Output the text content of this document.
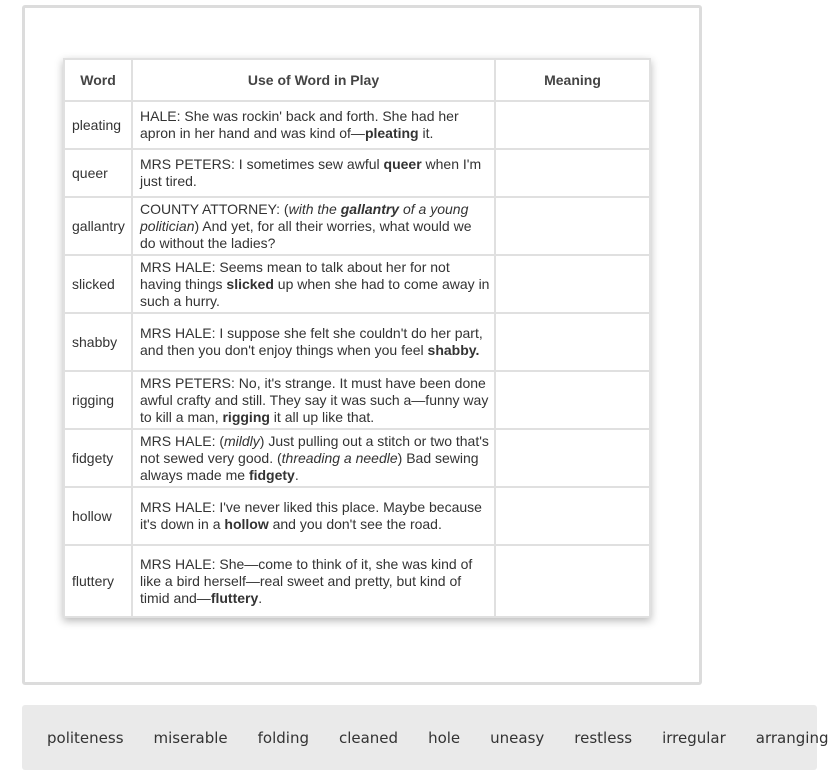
Word	Use of Word in Play	Meaning
pleating	HALE: She was rockin' back and forth. She had her apron in her hand and was kind of—pleating it.	
queer	MRS PETERS: I sometimes sew awful queer when I'm just tired.	
gallantry	COUNTY ATTORNEY: (with the gallantry of a young politician) And yet, for all their worries, what would we do without the ladies?	
slicked	MRS HALE: Seems mean to talk about her for not having things slicked up when she had to come away in such a hurry.	
shabby	MRS HALE: I suppose she felt she couldn't do her part, and then you don't enjoy things when you feel shabby.	
rigging	MRS PETERS: No, it's strange. It must have been done awful crafty and still. They say it was such a—funny way to kill a man, rigging it all up like that.	
fidgety	MRS HALE: (mildly) Just pulling out a stitch or two that's not sewed very good. (threading a needle) Bad sewing always made me fidgety.	
hollow	MRS HALE: I've never liked this place. Maybe because it's down in a hollow and you don't see the road.	
fluttery	MRS HALE: She—come to think of it, she was kind of like a bird herself—real sweet and pretty, but kind of timid and—fluttery.	
politeness	miserable	folding	cleaned	hole	uneasy	restless	irregular	arranging
